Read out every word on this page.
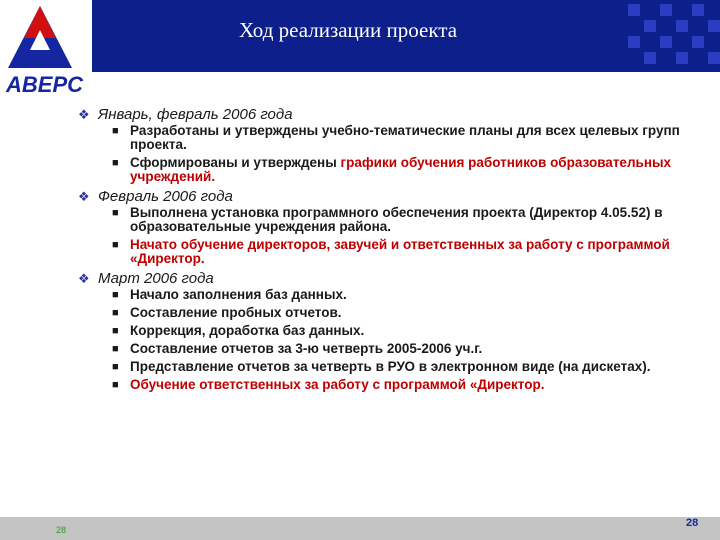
Ход реализации проекта
АВЕРС
❖ Январь, февраль 2006 года
■ Разработаны и утверждены учебно-тематические планы для всех целевых групп проекта.
■ Сформированы и утверждены графики обучения работников образовательных учреждений.
❖ Февраль 2006 года
■ Выполнена установка программного обеспечения проекта (Директор 4.05.52) в образовательные учреждения района.
■ Начато обучение директоров, завучей и ответственных за работу с программой «Директор.
❖ Март 2006 года
■ Начало заполнения баз данных.
■ Составление пробных отчетов.
■ Коррекция, доработка баз данных.
■ Составление отчетов за 3-ю четверть 2005-2006 уч.г.
■ Представление отчетов за четверть в РУО в электронном виде (на дискетах).
■ Обучение ответственных за работу с программой «Директор.
28
28
